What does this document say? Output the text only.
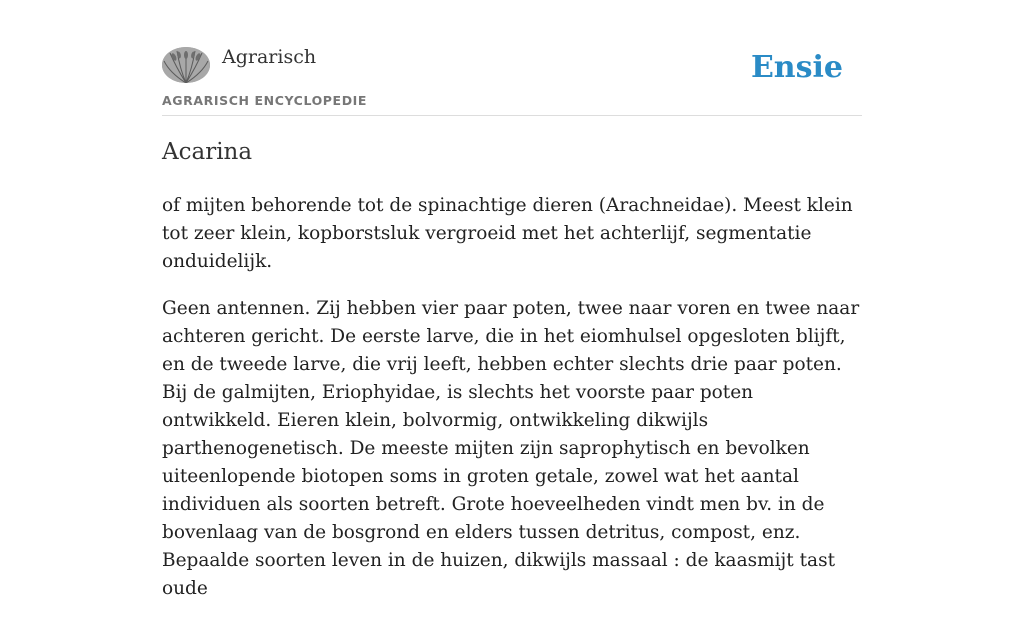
Agrarisch
AGRARISCH ENCYCLOPEDIE
Ensie
Acarina

of mijten behorende tot de spinachtige dieren (Arachneidae). Meest klein tot zeer klein, kopborstsluk vergroeid met het achterlijf, segmentatie onduidelijk.

Geen antennen. Zij hebben vier paar poten, twee naar voren en twee naar achteren gericht. De eerste larve, die in het eiomhulsel opgesloten blijft, en de tweede larve, die vrij leeft, hebben echter slechts drie paar poten. Bij de galmijten, Eriophyidae, is slechts het voorste paar poten ontwikkeld. Eieren klein, bolvormig, ontwikkeling dikwijls parthenogenetisch. De meeste mijten zijn saprophytisch en bevolken uiteenlopende biotopen soms in groten getale, zowel wat het aantal individuen als soorten betreft. Grote hoeveelheden vindt men bv. in de bovenlaag van de bosgrond en elders tussen detritus, compost, enz. Bepaalde soorten leven in de huizen, dikwijls massaal : de kaasmijt tast oude
